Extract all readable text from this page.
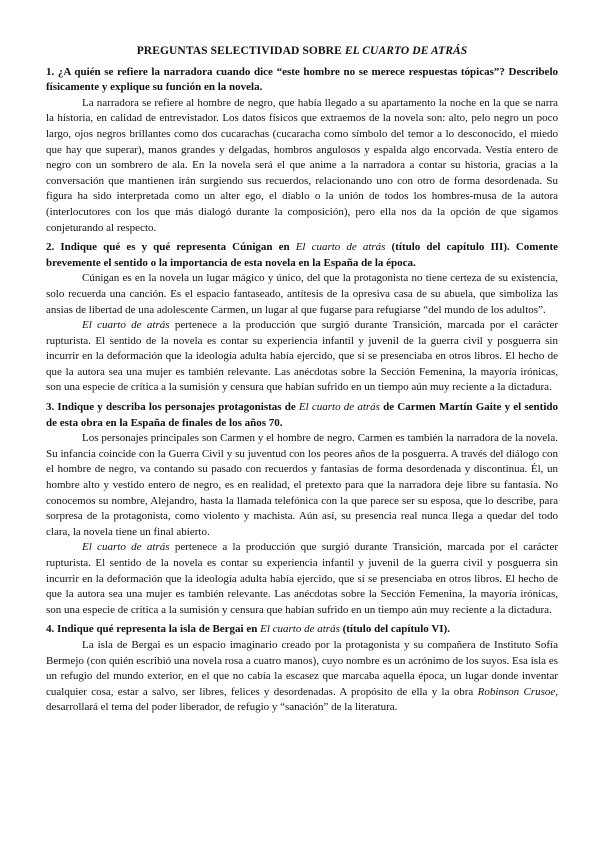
PREGUNTAS SELECTIVIDAD SOBRE EL CUARTO DE ATRÁS

1. ¿A quién se refiere la narradora cuando dice “este hombre no se merece respuestas tópicas”? Describelo físicamente y explique su función en la novela.

La narradora se refiere al hombre de negro, que había llegado a su apartamento la noche en la que se narra la historia, en calidad de entrevistador. Los datos físicos que extraemos de la novela son: alto, pelo negro un poco largo, ojos negros brillantes como dos cucarachas (cucaracha como símbolo del temor a lo desconocido, el miedo que hay que superar), manos grandes y delgadas, hombros angulosos y espalda algo encorvada. Vestía entero de negro con un sombrero de ala. En la novela será el que anime a la narradora a contar su historia, gracias a la conversación que mantienen irán surgiendo sus recuerdos, relacionando uno con otro de forma desordenada. Su figura ha sido interpretada como un alter ego, el diablo o la unión de todos los hombres-musa de la autora (interlocutores con los que más dialogó durante la composición), pero ella nos da la opción de que sigamos conjeturando al respecto.

2. Indique qué es y qué representa Cúnigan en El cuarto de atrás (título del capítulo III). Comente brevemente el sentido o la importancia de esta novela en la España de la época.

Cúnigan es en la novela un lugar mágico y único, del que la protagonista no tiene certeza de su existencia, solo recuerda una canción. Es el espacio fantaseado, antítesis de la opresiva casa de su abuela, que simboliza las ansias de libertad de una adolescente Carmen, un lugar al que fugarse para refugiarse “del mundo de los adultos”.

El cuarto de atrás pertenece a la producción que surgió durante Transición, marcada por el carácter rupturista. El sentido de la novela es contar su experiencia infantil y juvenil de la guerra civil y posguerra sin incurrir en la deformación que la ideología adulta había ejercido, que sí se presenciaba en otros libros. El hecho de que la autora sea una mujer es también relevante. Las anécdotas sobre la Sección Femenina, la mayoría irónicas, son una especie de crítica a la sumisión y censura que habían sufrido en un tiempo aún muy reciente a la dictadura.

3. Indique y describa los personajes protagonistas de El cuarto de atrás de Carmen Martín Gaite y el sentido de esta obra en la España de finales de los años 70.

Los personajes principales son Carmen y el hombre de negro. Carmen es también la narradora de la novela. Su infancia coincide con la Guerra Civil y su juventud con los peores años de la posguerra. A través del diálogo con el hombre de negro, va contando su pasado con recuerdos y fantasías de forma desordenada y discontinua. Él, un hombre alto y vestido entero de negro, es en realidad, el pretexto para que la narradora deje libre su fantasía. No conocemos su nombre, Alejandro, hasta la llamada telefónica con la que parece ser su esposa, que lo describe, para sorpresa de la protagonista, como violento y machista. Aún así, su presencia real nunca llega a quedar del todo clara, la novela tiene un final abierto.

El cuarto de atrás pertenece a la producción que surgió durante Transición, marcada por el carácter rupturista. El sentido de la novela es contar su experiencia infantil y juvenil de la guerra civil y posguerra sin incurrir en la deformación que la ideología adulta había ejercido, que sí se presenciaba en otros libros. El hecho de que la autora sea una mujer es también relevante. Las anécdotas sobre la Sección Femenina, la mayoría irónicas, son una especie de crítica a la sumisión y censura que habían sufrido en un tiempo aún muy reciente a la dictadura.

4. Indique qué representa la isla de Bergai en El cuarto de atrás (título del capítulo VI).

La isla de Bergai es un espacio imaginario creado por la protagonista y su compañera de Instituto Sofía Bermejo (con quién escribió una novela rosa a cuatro manos), cuyo nombre es un acrónimo de los suyos. Esa isla es un refugio del mundo exterior, en el que no cabía la escasez que marcaba aquella época, un lugar donde inventar cualquier cosa, estar a salvo, ser libres, felices y desordenadas. A propósito de ella y la obra Robinson Crusoe, desarrollará el tema del poder liberador, de refugio y “sanación” de la literatura.
